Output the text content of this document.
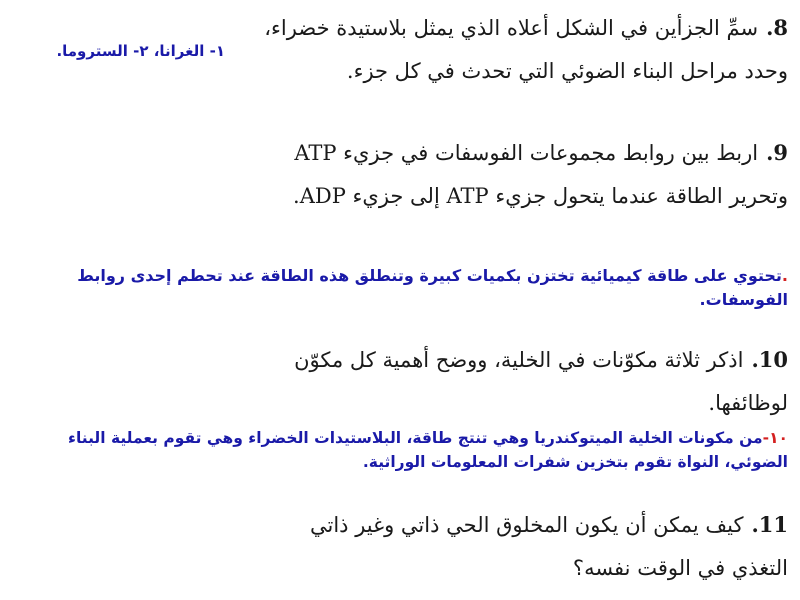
8.سمِّ الجزأين في الشكل أعلاه الذي يمثل بلاستيدة خضراء، وحدد مراحل البناء الضوئي التي تحدث في كل جزء.
١- الغرانا، ٢- الستروما.
9.اربط بين روابط مجموعات الفوسفات في جزيء ATP وتحرير الطاقة عندما يتحول جزيء ATP إلى جزيء ADP.
.تحتوي على طاقة كيميائية تختزن بكميات كبيرة وتنطلق هذه الطاقة عند تحطم إحدى روابط الفوسفات.
10.اذكر ثلاثة مكوّنات في الخلية، ووضح أهمية كل مكوّن لوظائفها.
١٠-من مكونات الخلية الميتوكندريا وهي تنتج طاقة، البلاستيدات الخضراء وهي تقوم بعملية البناء الضوئي، النواة تقوم بتخزين شفرات المعلومات الوراثية.
11.كيف يمكن أن يكون المخلوق الحي ذاتي وغير ذاتي التغذي في الوقت نفسه؟
